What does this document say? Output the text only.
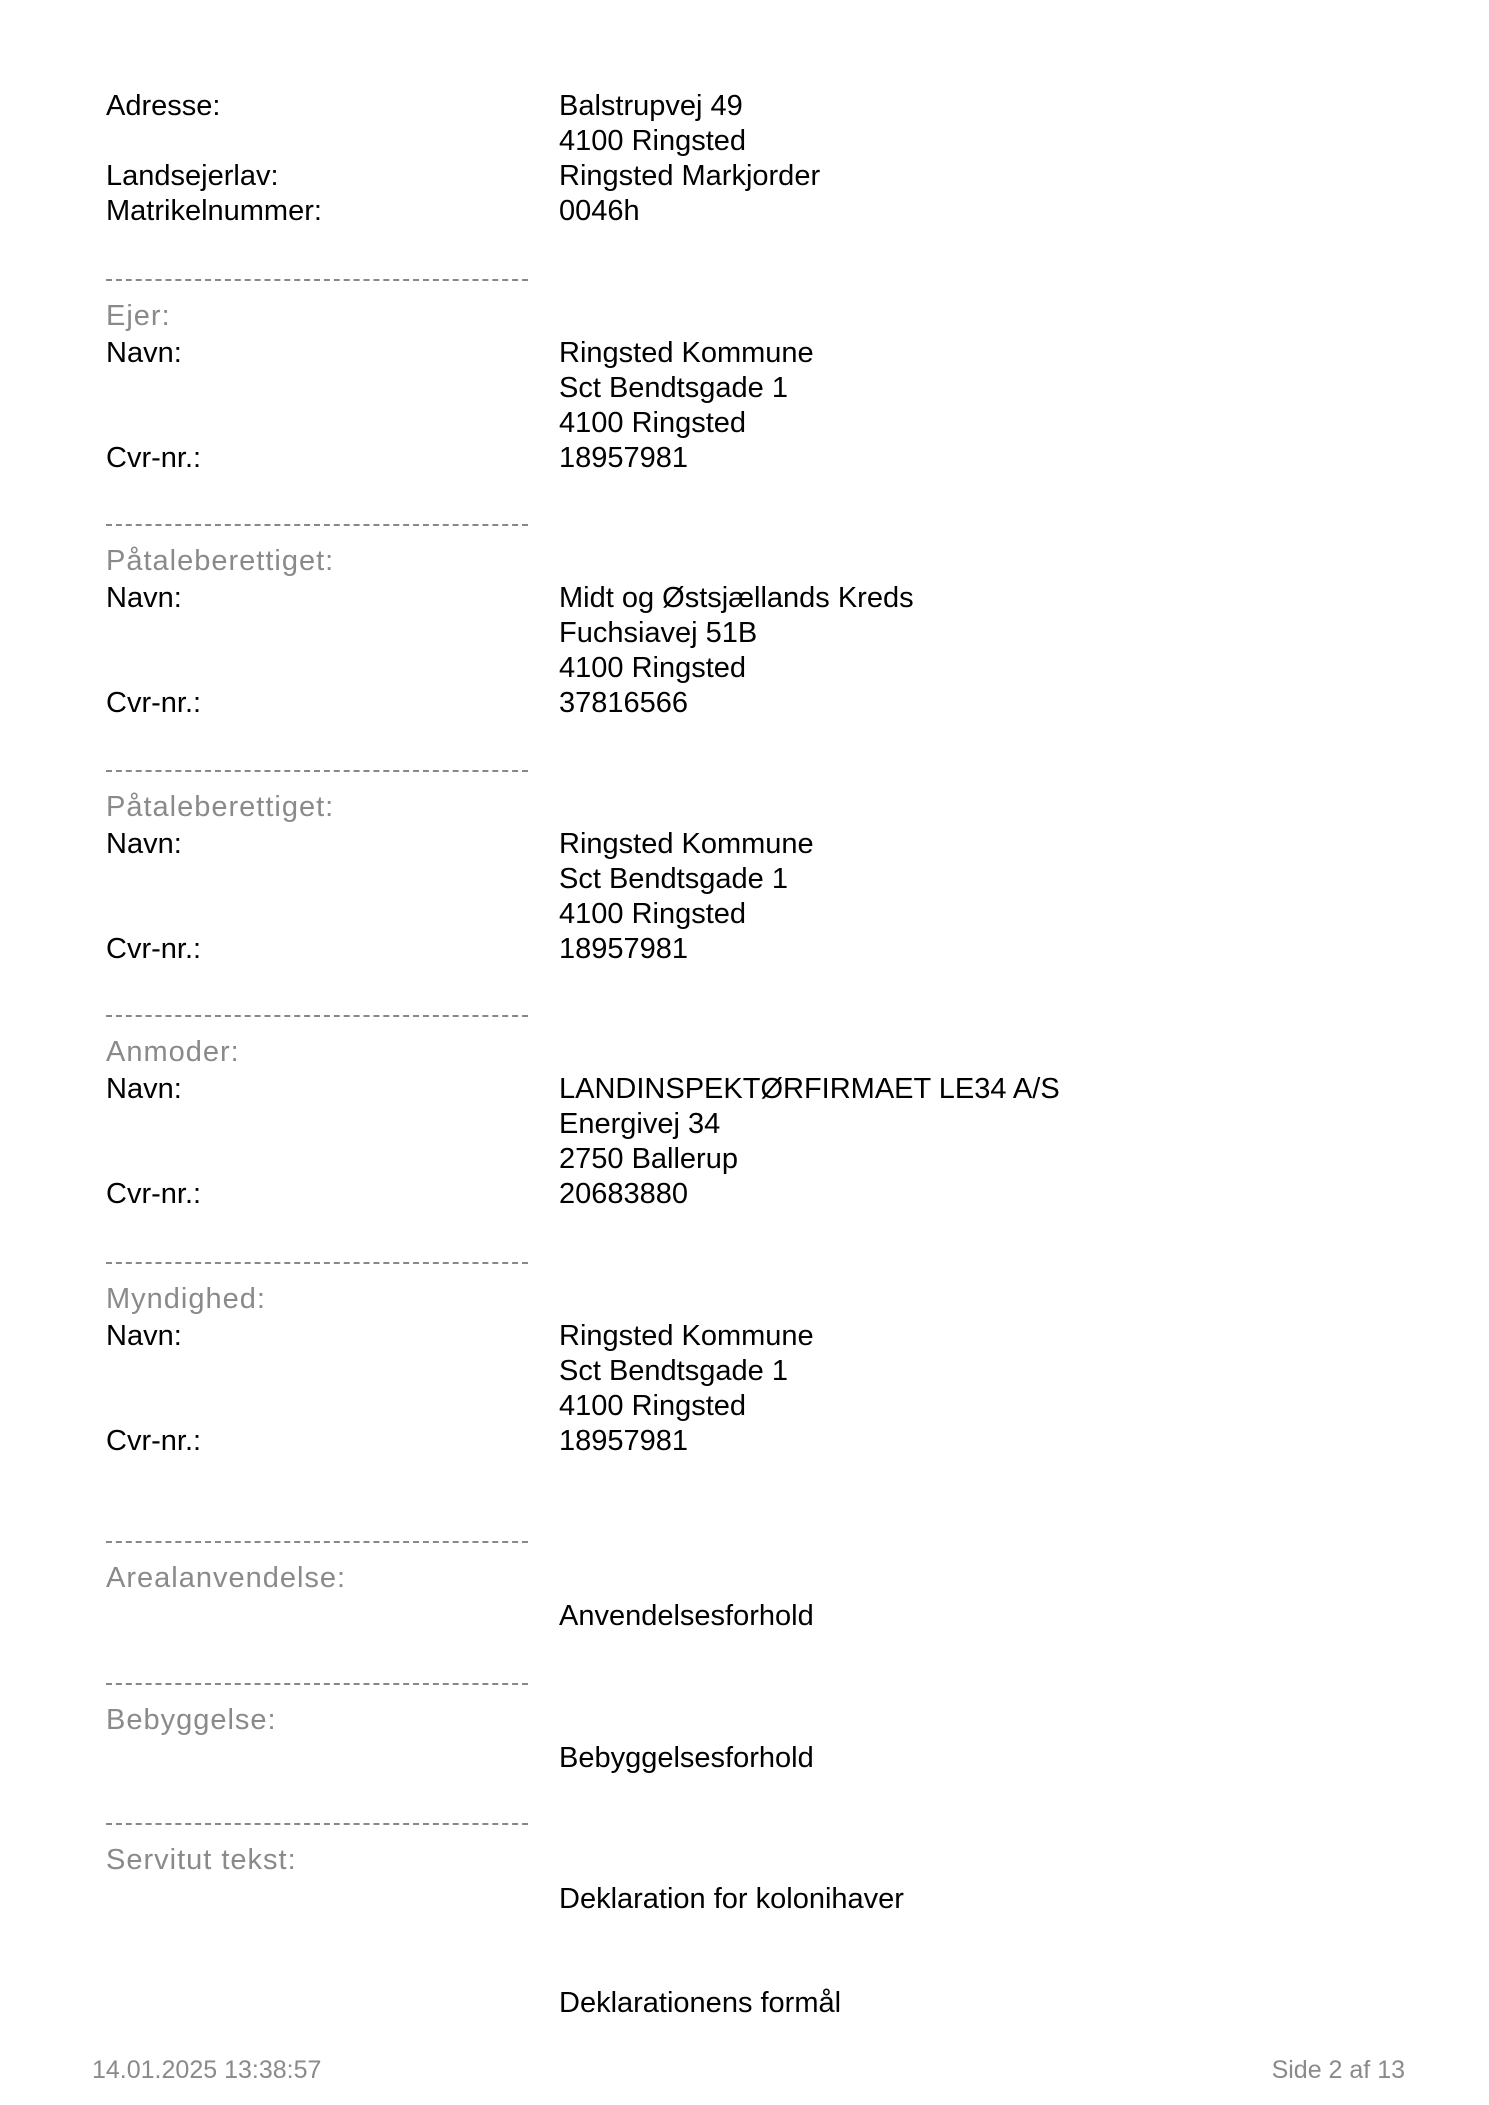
Adresse:	Balstrupvej 49
4100 Ringsted
Landsejerlav:	Ringsted Markjorder
Matrikelnummer:	0046h
Ejer:
Navn:	Ringsted Kommune
Sct Bendtsgade 1
4100 Ringsted
Cvr-nr.:	18957981
Påtaleberettiget:
Navn:	Midt og Østsjællands Kreds
Fuchsiavej 51B
4100 Ringsted
Cvr-nr.:	37816566
Påtaleberettiget:
Navn:	Ringsted Kommune
Sct Bendtsgade 1
4100 Ringsted
Cvr-nr.:	18957981
Anmoder:
Navn:	LANDINSPEKTØRFIRMAET LE34 A/S
Energivej 34
2750 Ballerup
Cvr-nr.:	20683880
Myndighed:
Navn:	Ringsted Kommune
Sct Bendtsgade 1
4100 Ringsted
Cvr-nr.:	18957981
Arealanvendelse:
Anvendelsesforhold
Bebyggelse:
Bebyggelsesforhold
Servitut tekst:
Deklaration for kolonihaver
Deklarationens formål
14.01.2025 13:38:57	Side 2 af 13
